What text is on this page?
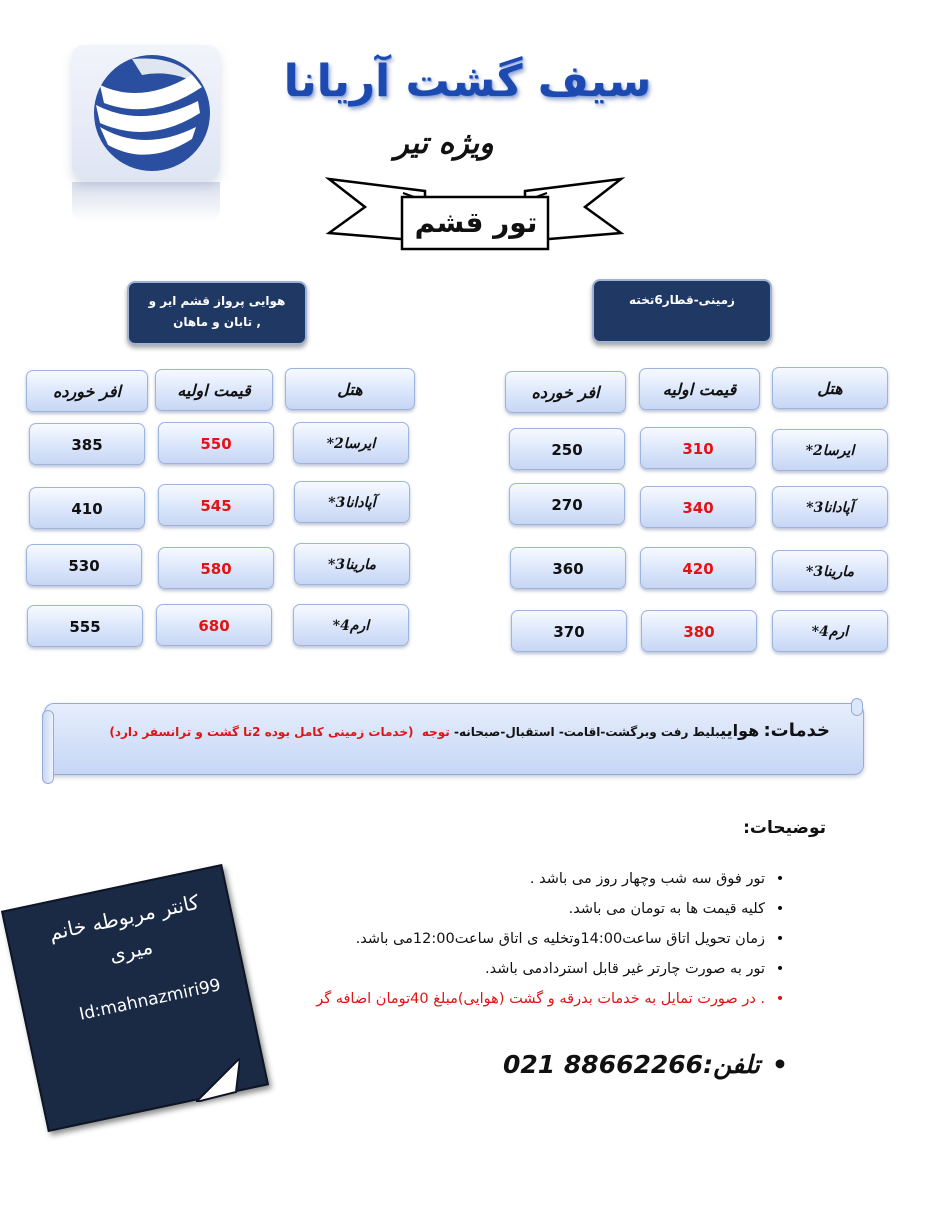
سیف گشت آریانا
ویژه تیر
تور قشم
هوایی پرواز قشم ایر و
, تابان و ماهان
زمینی-قطار6تخته
افر خورده	قیمت اولیه	هتل
385	550	ایرسا2*
410	545	آپادانا3*
530	580	مارینا3*
555	680	ارم4*
افر خورده	قیمت اولیه	هتل
250	310	ایرسا2*
270	340	آپادانا3*
360	420	مارینا3*
370	380	ارم4*
خدمات: هواییبلیط رفت وبرگشت-اقامت- استقبال-صبحانه- توجه  (خدمات زمینی کامل بوده 2تا گشت و ترانسفر دارد)
توضیحات:
•تور فوق سه شب وچهار روز می باشد .
•کلیه قیمت ها به تومان می باشد.
•زمان تحویل اتاق ساعت14:00وتخلیه ی اتاق ساعت12:00می باشد.
•تور به صورت چارتر غیر قابل استردادمی باشد.
•. در صورت تمایل به خدمات بدرقه و گشت (هوایی)مبلغ 40تومان اضافه گر
•تلفن:021 88662266
کانتر مربوطه خانم میری
Id:mahnazmiri99
